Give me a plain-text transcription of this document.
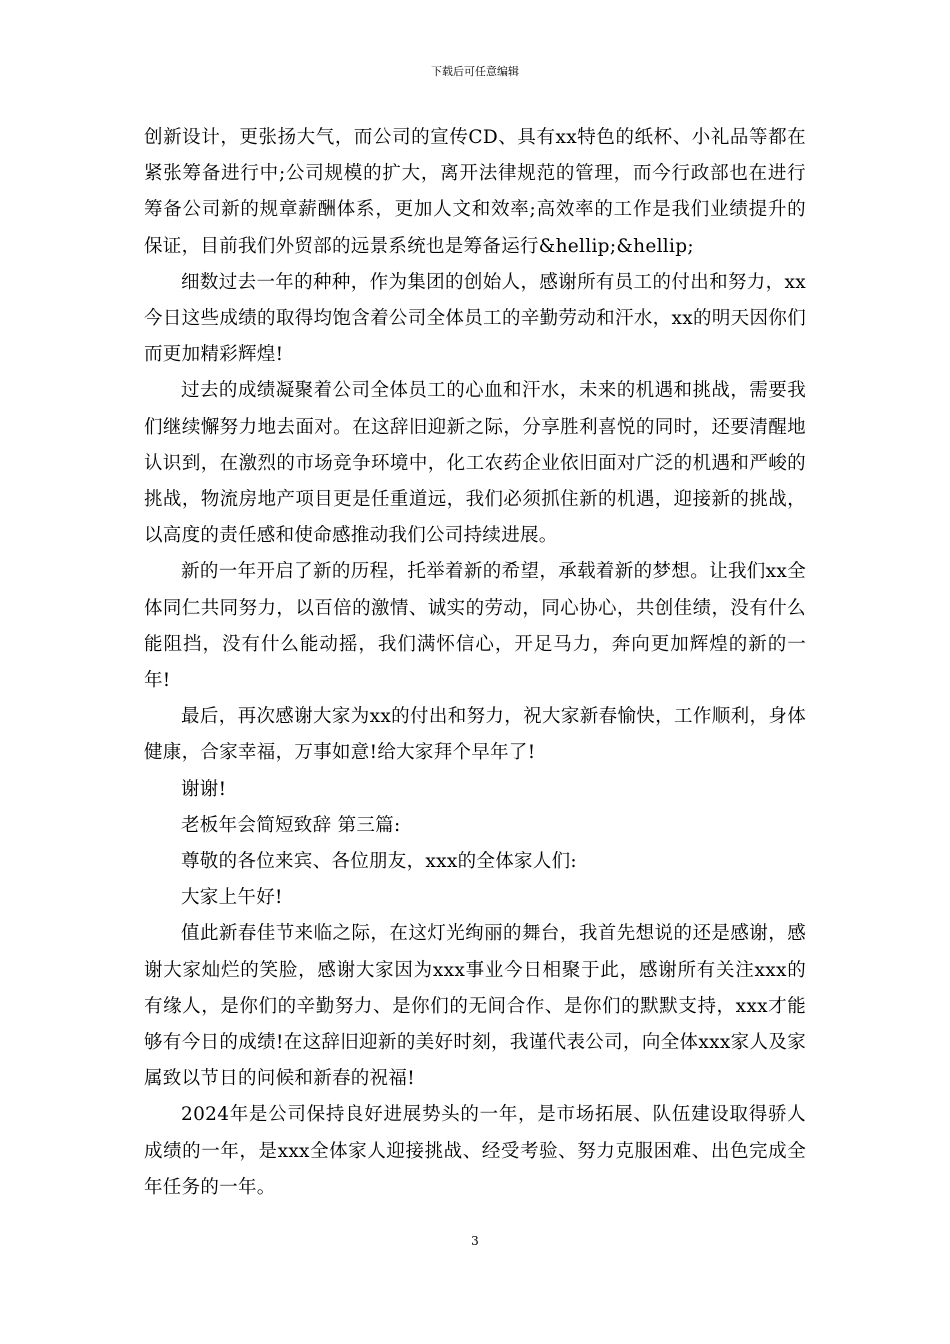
下载后可任意编辑

创新设计，更张扬大气，而公司的宣传CD、具有xx特色的纸杯、小礼品等都在紧张筹备进行中;公司规模的扩大，离开法律规范的管理，而今行政部也在进行筹备公司新的规章薪酬体系，更加人文和效率;高效率的工作是我们业绩提升的保证，目前我们外贸部的远景系统也是筹备运行&hellip;&hellip;

细数过去一年的种种，作为集团的创始人，感谢所有员工的付出和努力，xx今日这些成绩的取得均饱含着公司全体员工的辛勤劳动和汗水，xx的明天因你们而更加精彩辉煌!

过去的成绩凝聚着公司全体员工的心血和汗水，未来的机遇和挑战，需要我们继续懈努力地去面对。在这辞旧迎新之际，分享胜利喜悦的同时，还要清醒地认识到，在激烈的市场竞争环境中，化工农药企业依旧面对广泛的机遇和严峻的挑战，物流房地产项目更是任重道远，我们必须抓住新的机遇，迎接新的挑战，以高度的责任感和使命感推动我们公司持续进展。

新的一年开启了新的历程，托举着新的希望，承载着新的梦想。让我们xx全体同仁共同努力，以百倍的激情、诚实的劳动，同心协心，共创佳绩，没有什么能阻挡，没有什么能动摇，我们满怀信心，开足马力，奔向更加辉煌的新的一年!

最后，再次感谢大家为xx的付出和努力，祝大家新春愉快，工作顺利，身体健康，合家幸福，万事如意!给大家拜个早年了!

谢谢!

老板年会简短致辞 第三篇:

尊敬的各位来宾、各位朋友，xxx的全体家人们:

大家上午好!

值此新春佳节来临之际，在这灯光绚丽的舞台，我首先想说的还是感谢，感谢大家灿烂的笑脸，感谢大家因为xxx事业今日相聚于此，感谢所有关注xxx的有缘人，是你们的辛勤努力、是你们的无间合作、是你们的默默支持，xxx才能够有今日的成绩!在这辞旧迎新的美好时刻，我谨代表公司，向全体xxx家人及家属致以节日的问候和新春的祝福!

2024年是公司保持良好进展势头的一年，是市场拓展、队伍建设取得骄人成绩的一年，是xxx全体家人迎接挑战、经受考验、努力克服困难、出色完成全年任务的一年。

3
